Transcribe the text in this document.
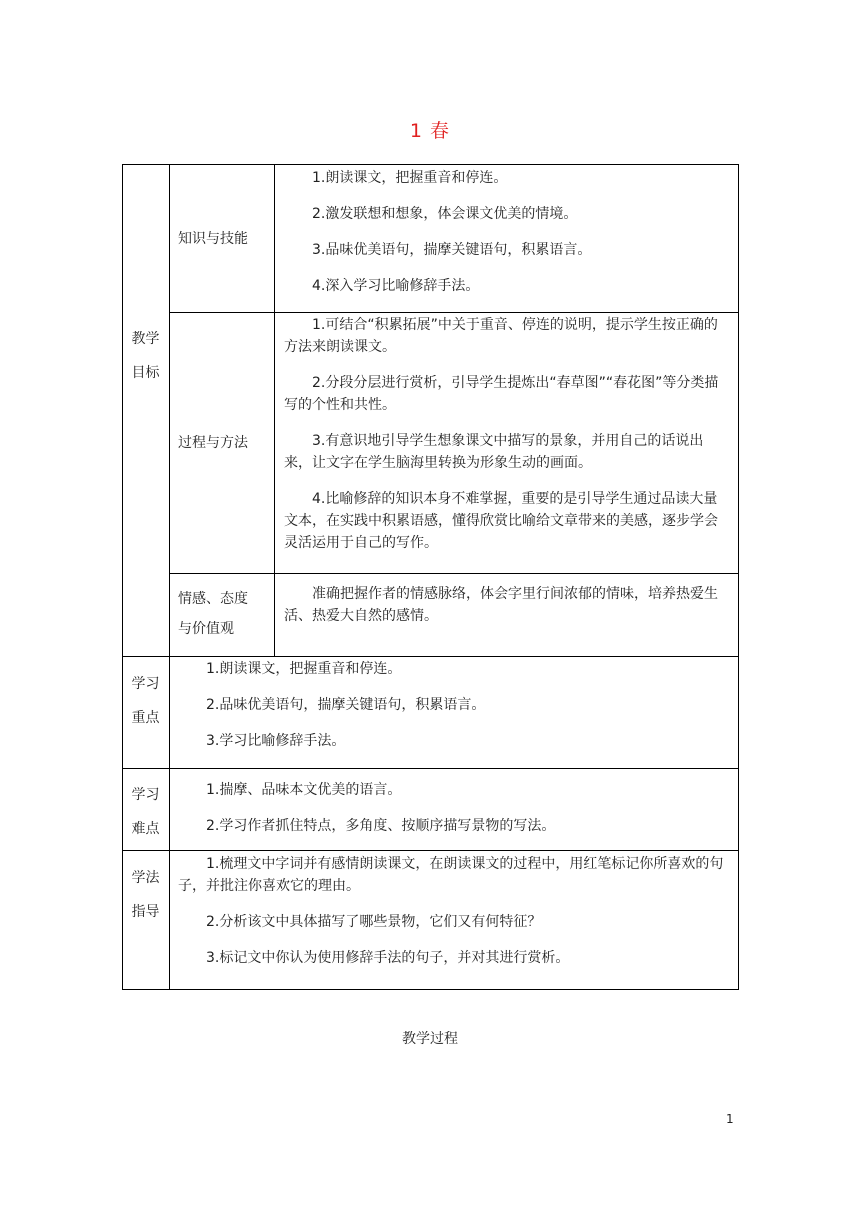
1 春
教学
目标
知识与技能

1.朗读课文，把握重音和停连。

2.激发联想和想象，体会课文优美的情境。

3.品味优美语句，揣摩关键语句，积累语言。

4.深入学习比喻修辞手法。

过程与方法

1.可结合“积累拓展”中关于重音、停连的说明，提示学生按正确的方法来朗读课文。

2.分段分层进行赏析，引导学生提炼出“春草图”“春花图”等分类描写的个性和共性。

3.有意识地引导学生想象课文中描写的景象，并用自己的话说出来，让文字在学生脑海里转换为形象生动的画面。

4.比喻修辞的知识本身不难掌握，重要的是引导学生通过品读大量文本，在实践中积累语感，懂得欣赏比喻给文章带来的美感，逐步学会灵活运用于自己的写作。

情感、态度
与价值观

准确把握作者的情感脉络，体会字里行间浓郁的情味，培养热爱生活、热爱大自然的感情。

学习
重点

1.朗读课文，把握重音和停连。

2.品味优美语句，揣摩关键语句，积累语言。

3.学习比喻修辞手法。

学习
难点

1.揣摩、品味本文优美的语言。

2.学习作者抓住特点，多角度、按顺序描写景物的写法。

学法
指导

1.梳理文中字词并有感情朗读课文，在朗读课文的过程中，用红笔标记你所喜欢的句子，并批注你喜欢它的理由。

2.分析该文中具体描写了哪些景物，它们又有何特征？

3.标记文中你认为使用修辞手法的句子，并对其进行赏析。

教学过程
1
